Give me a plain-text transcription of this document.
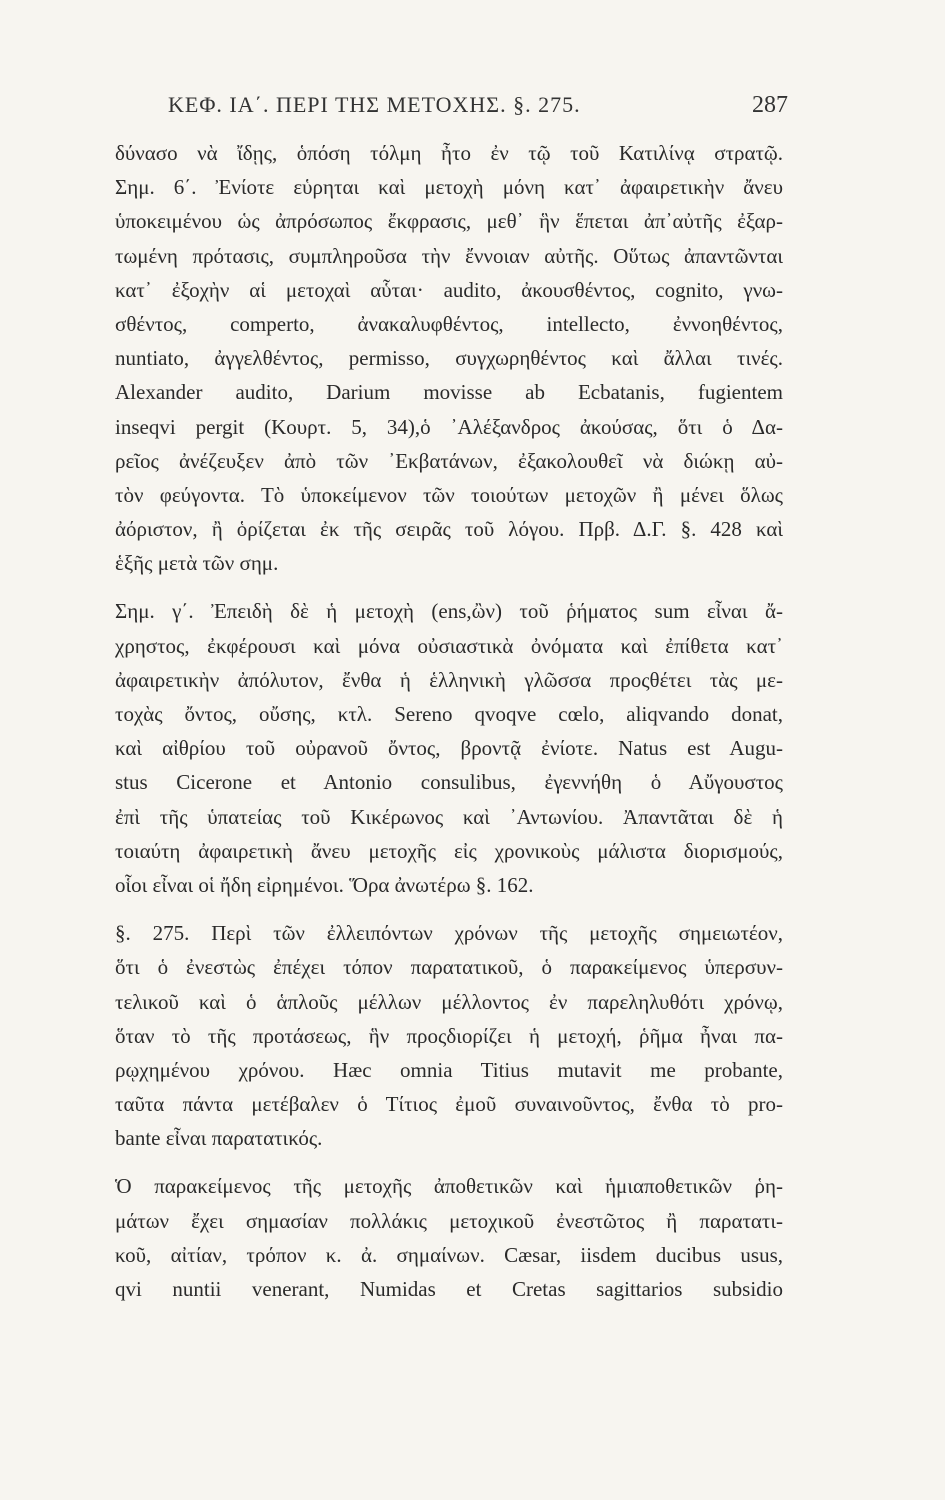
ΚΕΦ. ΙΑ΄. ΠΕΡΙ ΤΗΣ ΜΕΤΟΧΗΣ. §. 275.	287
δύνασο νὰ ἴδῃς, ὁπόση τόλμη ἦτο ἐν τῷ τοῦ Κατιλίνᾳ στρατῷ.
Σημ. 6΄. Ἐνίοτε εὑρηται καὶ μετοχὴ μόνη κατ᾽ ἀφαιρετικὴν ἄνευ
ὑποκειμένου ὡς ἀπρόσωπος ἔκφρασις, μεθ᾽ ἣν ἕπεται ἀπ᾽αὐτῆς ἐξαρ-
τωμένη πρότασις, συμπληροῦσα τὴν ἔννοιαν αὐτῆς. Οὕτως ἀπαντῶνται
κατ᾽ ἐξοχὴν αἱ μετοχαὶ αὗται· audito, ἀκουσθέντος, cognito, γνω-
σθέντος, comperto, ἀνακαλυφθέντος, intellecto, ἐννοηθέντος,
nuntiato, ἀγγελθέντος, permisso, συγχωρηθέντος καὶ ἄλλαι τινές.
Alexander audito, Darium movisse ab Ecbatanis, fugientem
inseqvi pergit (Κουρτ. 5, 34),ὁ ᾽Αλέξανδρος ἀκούσας, ὅτι ὁ Δα-
ρεῖος ἀνέζευξεν ἀπὸ τῶν ᾽Εκβατάνων, ἐξακολουθεῖ νὰ διώκῃ αὐ-
τὸν φεύγοντα. Τὸ ὑποκείμενον τῶν τοιούτων μετοχῶν ἢ μένει ὅλως
ἀόριστον, ἢ ὁρίζεται ἐκ τῆς σειρᾶς τοῦ λόγου. Πρβ. Δ.Γ. §. 428 καὶ
ἑξῆς μετὰ τῶν σημ.
Σημ. γ΄. Ἐπειδὴ δὲ ἡ μετοχὴ (ens,ὢν) τοῦ ῥήματος sum εἶναι ἄ-
χρηστος, ἐκφέρουσι καὶ μόνα οὐσιαστικὰ ὀνόματα καὶ ἐπίθετα κατ᾽
ἀφαιρετικὴν ἀπόλυτον, ἔνθα ἡ ἑλληνικὴ γλῶσσα προςθέτει τὰς με-
τοχὰς ὄντος, οὔσης, κτλ. Sereno qvoqve cœlo, aliqvando donat,
καὶ αἰθρίου τοῦ οὐρανοῦ ὄντος, βροντᾷ ἐνίοτε. Natus est Augu-
stus Cicerone et Antonio consulibus, ἐγεννήθη ὁ Αὔγουστος
ἐπὶ τῆς ὑπατείας τοῦ Κικέρωνος καὶ ᾽Αντωνίου. Ἀπαντᾶται δὲ ἡ
τοιαύτη ἀφαιρετικὴ ἄνευ μετοχῆς εἰς χρονικοὺς μάλιστα διορισμούς,
οἷοι εἶναι οἱ ἤδη εἰρημένοι. Ὅρα ἀνωτέρω §. 162.
§. 275. Περὶ τῶν ἐλλειπόντων χρόνων τῆς μετοχῆς σημειωτέον,
ὅτι ὁ ἐνεστὼς ἐπέχει τόπον παρατατικοῦ, ὁ παρακείμενος ὑπερσυν-
τελικοῦ καὶ ὁ ἁπλοῦς μέλλων μέλλοντος ἐν παρεληλυθότι χρόνῳ,
ὅταν τὸ τῆς προτάσεως, ἣν προςδιορίζει ἡ μετοχή, ῥῆμα ἦναι πα-
ρῳχημένου χρόνου. Hæc omnia Titius mutavit me probante,
ταῦτα πάντα μετέβαλεν ὁ Τίτιος ἐμοῦ συναινοῦντος, ἔνθα τὸ pro-
bante εἶναι παρατατικός.
Ὁ παρακείμενος τῆς μετοχῆς ἀποθετικῶν καὶ ἡμιαποθετικῶν ῥη-
μάτων ἔχει σημασίαν πολλάκις μετοχικοῦ ἐνεστῶτος ἢ παρατατι-
κοῦ, αἰτίαν, τρόπον κ. ἀ. σημαίνων. Cæsar, iisdem ducibus usus,
qvi nuntii venerant, Numidas et Cretas sagittarios subsidio
